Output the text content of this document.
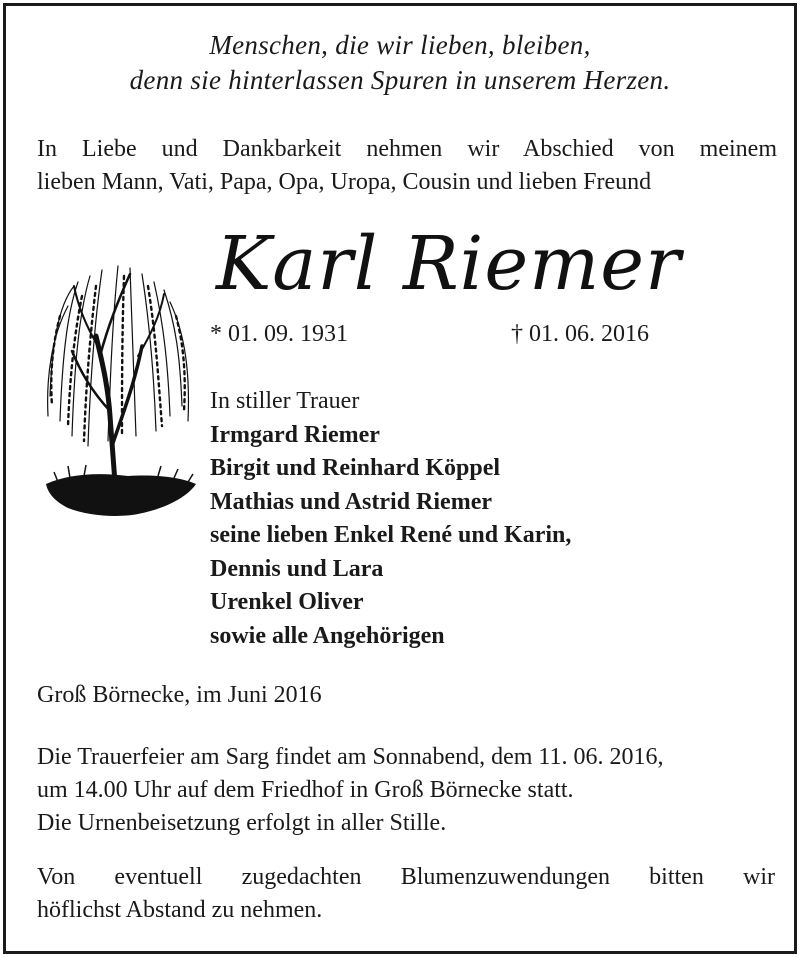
Menschen, die wir lieben, bleiben,
denn sie hinterlassen Spuren in unserem Herzen.
In Liebe und Dankbarkeit nehmen wir Abschied von meinem
lieben Mann, Vati, Papa, Opa, Uropa, Cousin und lieben Freund
Karl Riemer
* 01. 09. 1931	† 01. 06. 2016
In stiller Trauer
Irmgard Riemer
Birgit und Reinhard Köppel
Mathias und Astrid Riemer
seine lieben Enkel René und Karin,
Dennis und Lara
Urenkel Oliver
sowie alle Angehörigen
Groß Börnecke, im Juni 2016
Die Trauerfeier am Sarg findet am Sonnabend, dem 11. 06. 2016,
um 14.00 Uhr auf dem Friedhof in Groß Börnecke statt.
Die Urnenbeisetzung erfolgt in aller Stille.
Von eventuell zugedachten Blumenzuwendungen bitten wir
höflichst Abstand zu nehmen.
